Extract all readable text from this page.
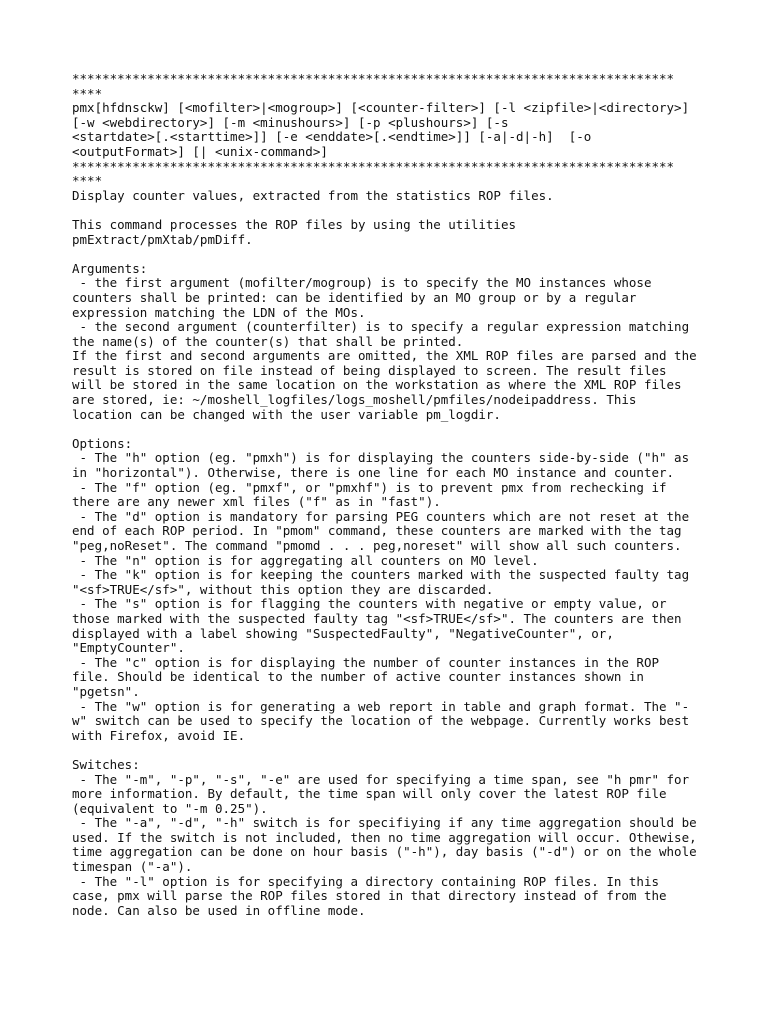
********************************************************************************
****
pmx[hfdnsckw] [<mofilter>|<mogroup>] [<counter-filter>] [-l <zipfile>|<directory>]
[-w <webdirectory>] [-m <minushours>] [-p <plushours>] [-s
<startdate>[.<starttime>]] [-e <enddate>[.<endtime>]] [-a|-d|-h]  [-o
<outputFormat>] [| <unix-command>]
********************************************************************************
****
Display counter values, extracted from the statistics ROP files.
This command processes the ROP files by using the utilities
pmExtract/pmXtab/pmDiff.
Arguments:
- the first argument (mofilter/mogroup) is to specify the MO instances whose
counters shall be printed: can be identified by an MO group or by a regular
expression matching the LDN of the MOs.
- the second argument (counterfilter) is to specify a regular expression matching
the name(s) of the counter(s) that shall be printed.
If the first and second arguments are omitted, the XML ROP files are parsed and the
result is stored on file instead of being displayed to screen. The result files
will be stored in the same location on the workstation as where the XML ROP files
are stored, ie: ~/moshell_logfiles/logs_moshell/pmfiles/nodeipaddress. This
location can be changed with the user variable pm_logdir.
Options:
- The "h" option (eg. "pmxh") is for displaying the counters side-by-side ("h" as
in "horizontal"). Otherwise, there is one line for each MO instance and counter.
- The "f" option (eg. "pmxf", or "pmxhf") is to prevent pmx from rechecking if
there are any newer xml files ("f" as in "fast").
- The "d" option is mandatory for parsing PEG counters which are not reset at the
end of each ROP period. In "pmom" command, these counters are marked with the tag
"peg,noReset". The command "pmomd . . . peg,noreset" will show all such counters.
- The "n" option is for aggregating all counters on MO level.
- The "k" option is for keeping the counters marked with the suspected faulty tag
"<sf>TRUE</sf>", without this option they are discarded.
- The "s" option is for flagging the counters with negative or empty value, or
those marked with the suspected faulty tag "<sf>TRUE</sf>". The counters are then
displayed with a label showing "SuspectedFaulty", "NegativeCounter", or,
"EmptyCounter".
- The "c" option is for displaying the number of counter instances in the ROP
file. Should be identical to the number of active counter instances shown in
"pgetsn".
- The "w" option is for generating a web report in table and graph format. The "-
w" switch can be used to specify the location of the webpage. Currently works best
with Firefox, avoid IE.
Switches:
- The "-m", "-p", "-s", "-e" are used for specifying a time span, see "h pmr" for
more information. By default, the time span will only cover the latest ROP file
(equivalent to "-m 0.25").
- The "-a", "-d", "-h" switch is for specifiying if any time aggregation should be
used. If the switch is not included, then no time aggregation will occur. Othewise,
time aggregation can be done on hour basis ("-h"), day basis ("-d") or on the whole
timespan ("-a").
- The "-l" option is for specifying a directory containing ROP files. In this
case, pmx will parse the ROP files stored in that directory instead of from the
node. Can also be used in offline mode.
